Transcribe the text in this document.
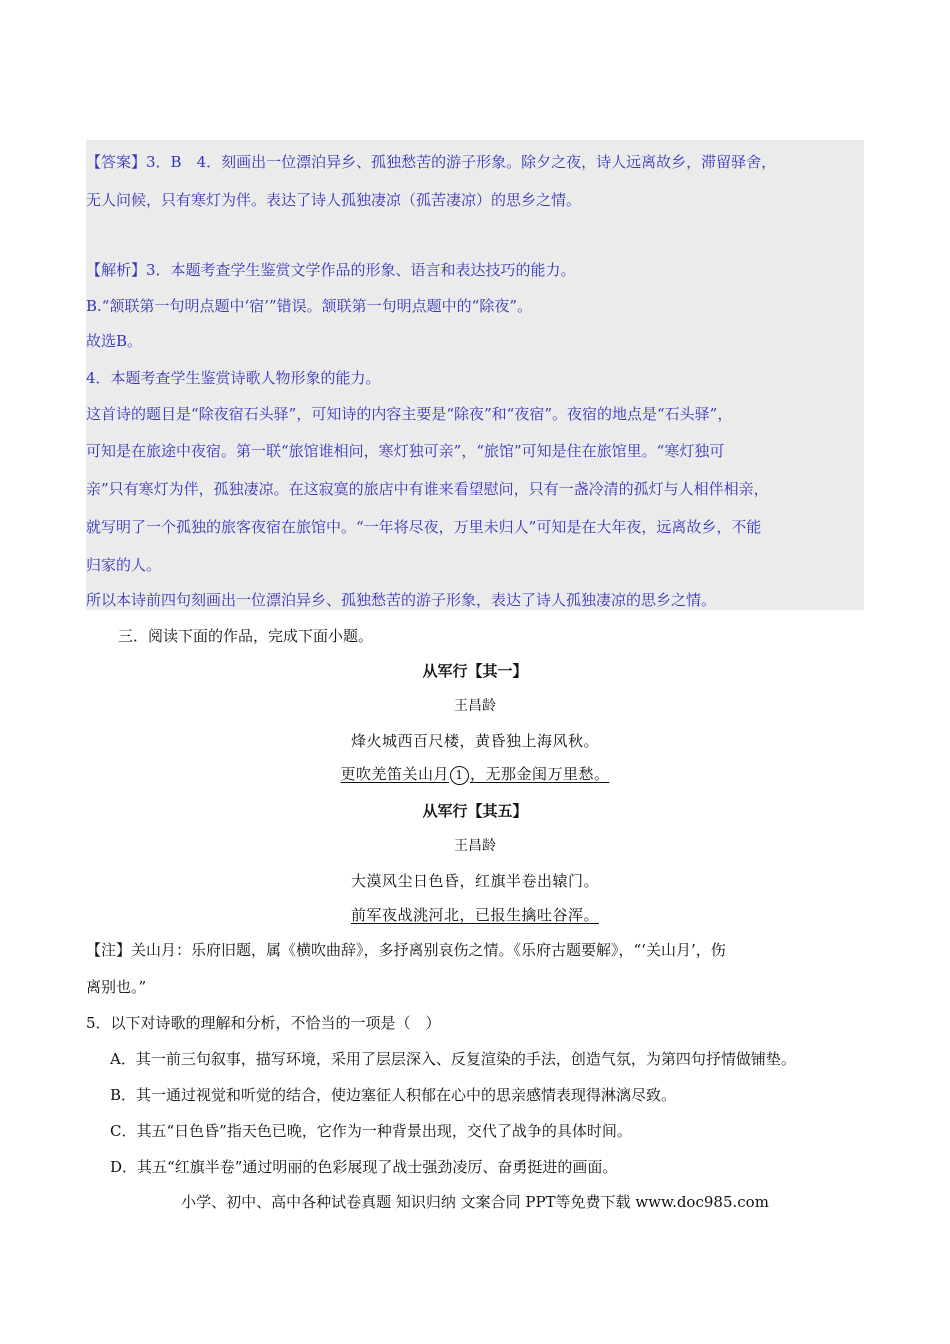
【答案】3．B　4．刻画出一位漂泊异乡、孤独愁苦的游子形象。除夕之夜，诗人远离故乡，滞留驿舍，
无人问候，只有寒灯为伴。表达了诗人孤独凄凉（孤苦凄凉）的思乡之情。
【解析】3．本题考查学生鉴赏文学作品的形象、语言和表达技巧的能力。
B.“颔联第一句明点题中‘宿’”错误。颔联第一句明点题中的“除夜”。
故选B。
4．本题考查学生鉴赏诗歌人物形象的能力。
这首诗的题目是“除夜宿石头驿”，可知诗的内容主要是“除夜”和“夜宿”。夜宿的地点是“石头驿”，
可知是在旅途中夜宿。第一联“旅馆谁相问，寒灯独可亲”，“旅馆”可知是住在旅馆里。“寒灯独可
亲”只有寒灯为伴，孤独凄凉。在这寂寞的旅店中有谁来看望慰问，只有一盏冷清的孤灯与人相伴相亲，
就写明了一个孤独的旅客夜宿在旅馆中。“一年将尽夜，万里未归人”可知是在大年夜，远离故乡，不能
归家的人。
所以本诗前四句刻画出一位漂泊异乡、孤独愁苦的游子形象，表达了诗人孤独凄凉的思乡之情。
三．阅读下面的作品，完成下面小题。
从军行【其一】
王昌龄
烽火城西百尺楼，黄昏独上海风秋。
更吹羌笛关山月 1 ，无那金闺万里愁。
从军行【其五】
王昌龄
大漠风尘日色昏，红旗半卷出辕门。
前军夜战洮河北，已报生擒吐谷浑。
【注】关山月：乐府旧题，属《横吹曲辞》，多抒离别哀伤之情。《乐府古题要解》，“‘关山月’，伤
离别也。”
5．以下对诗歌的理解和分析，不恰当的一项是（　）
A．其一前三句叙事，描写环境，采用了层层深入、反复渲染的手法，创造气氛，为第四句抒情做铺垫。
B．其一通过视觉和听觉的结合，使边塞征人积郁在心中的思亲感情表现得淋漓尽致。
C．其五“日色昏”指天色已晚，它作为一种背景出现，交代了战争的具体时间。
D．其五“红旗半卷”通过明丽的色彩展现了战士强劲凌厉、奋勇挺进的画面。
小学、初中、高中各种试卷真题 知识归纳 文案合同 PPT等免费下载 www.doc985.com
